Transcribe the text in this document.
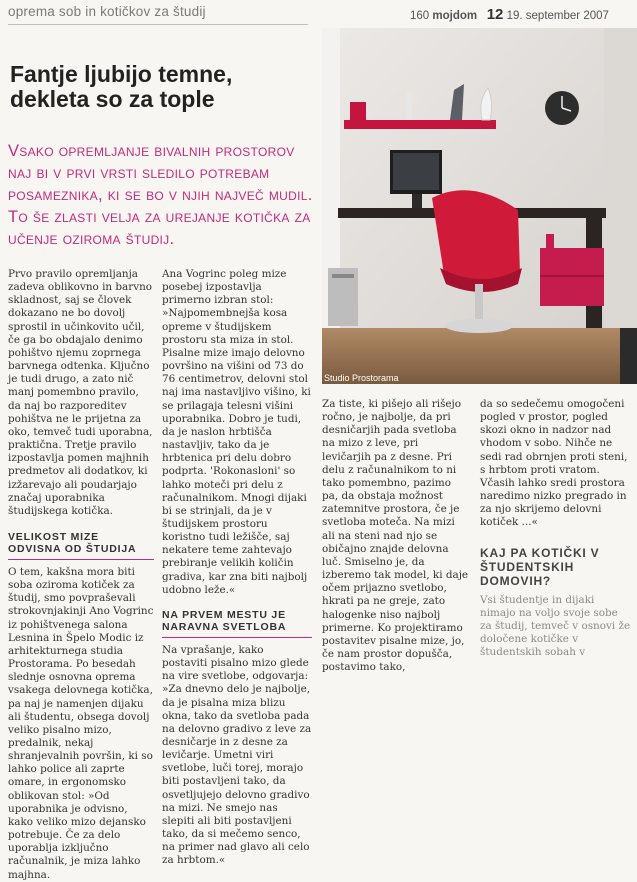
oprema sob in kotičkov za študij	160 mojdom 12 19. september 2007
Fantje ljubijo temne, dekleta so za tople
Vsako opremljanje bivalnih prostorov naj bi v prvi vrsti sledilo potrebam posameznika, ki se bo v njih največ mudil. To še zlasti velja za urejanje kotička za učenje oziroma študij.

Prvo pravilo opremljanja zadeva oblikovno in barvno skladnost, saj se človek dokazano ne bo dovolj sprostil in učinkovito učil, če ga bo obdajalo denimo pohištvo njemu zoprnega barvnega odtenka. Ključno je tudi drugo, a zato nič manj pomembno pravilo, da naj bo razporeditev pohištva ne le prijetna za oko, temveč tudi uporabna, praktična. Tretje pravilo izpostavlja pomen majhnih predmetov ali dodatkov, ki izžarevajo ali poudarjajo značaj uporabnika študijskega kotička.

VELIKOST MIZE ODVISNA OD ŠTUDIJA

O tem, kakšna mora biti soba oziroma kotiček za študij, smo povpraševali strokovnjakinji Ano Vogrinc iz pohištvenega salona Lesnina in Špelo Modic iz arhitekturnega studia Prostorama. Po besedah slednje osnovna oprema vsakega delovnega kotička, pa naj je namenjen dijaku ali študentu, obsega dovolj veliko pisalno mizo, predalnik, nekaj shranjevalnih površin, ki so lahko police ali zaprte omare, in ergonomsko oblikovan stol: »Od uporabnika je odvisno, kako veliko mizo dejansko potrebuje. Če za delo uporablja izključno računalnik, je miza lahko majhna.

Ana Vogrinc poleg mize posebej izpostavlja primerno izbran stol: »Najpomembnejša kosa opreme v študijskem prostoru sta miza in stol. Pisalne mize imajo delovno površino na višini od 73 do 76 centimetrov, delovni stol naj ima nastavljivo višino, ki se prilagaja telesni višini uporabnika. Dobro je tudi, da je naslon hrbtišča nastavljiv, tako da je hrbtenica pri delu dobro podprta. 'Rokonasloni' so lahko moteči pri delu z računalnikom. Mnogi dijaki bi se strinjali, da je v študijskem prostoru koristno tudi ležišče, saj nekatere teme zahtevajo prebiranje velikih količin gradiva, kar zna biti najbolj udobno leže.«

NA PRVEM MESTU JE NARAVNA SVETLOBA

Na vprašanje, kako postaviti pisalno mizo glede na vire svetlobe, odgovarja: »Za dnevno delo je najbolje, da je pisalna miza blizu okna, tako da svetloba pada na delovno gradivo z leve za desničarje in z desne za levičarje. Umetni viri svetlobe, luči torej, morajo biti postavljeni tako, da osvetljujejo delovno gradivo na mizi. Ne smejo nas slepiti ali biti postavljeni tako, da si mečemo senco, na primer nad glavo ali celo za hrbtom.«

Studio Prostorama

Za tiste, ki pišejo ali rišejo ročno, je najbolje, da pri desničarjih pada svetloba na mizo z leve, pri levičarjih pa z desne. Pri delu z računalnikom to ni tako pomembno, pazimo pa, da obstaja možnost zatemnitve prostora, če je svetloba moteča. Na mizi ali na steni nad njo se običajno znajde delovna luč. Smiselno je, da izberemo tak model, ki daje očem prijazno svetlobo, hkrati pa ne greje, zato halogenke niso najbolj primerne. Ko projektiramo postavitev pisalne mize, jo, če nam prostor dopušča, postavimo tako,

da so sedečemu omogočeni pogled v prostor, pogled skozi okno in nadzor nad vhodom v sobo. Nihče ne sedi rad obrnjen proti steni, s hrbtom proti vratom. Včasih lahko sredi prostora naredimo nizko pregrado in za njo skrijemo delovni kotiček ...«

KAJ PA KOTIČKI V ŠTUDENTSKIH DOMOVIH?

Vsi študentje in dijaki nimajo na voljo svoje sobe za študij, temveč v osnovi že določene kotičke v študentskih sobah v
